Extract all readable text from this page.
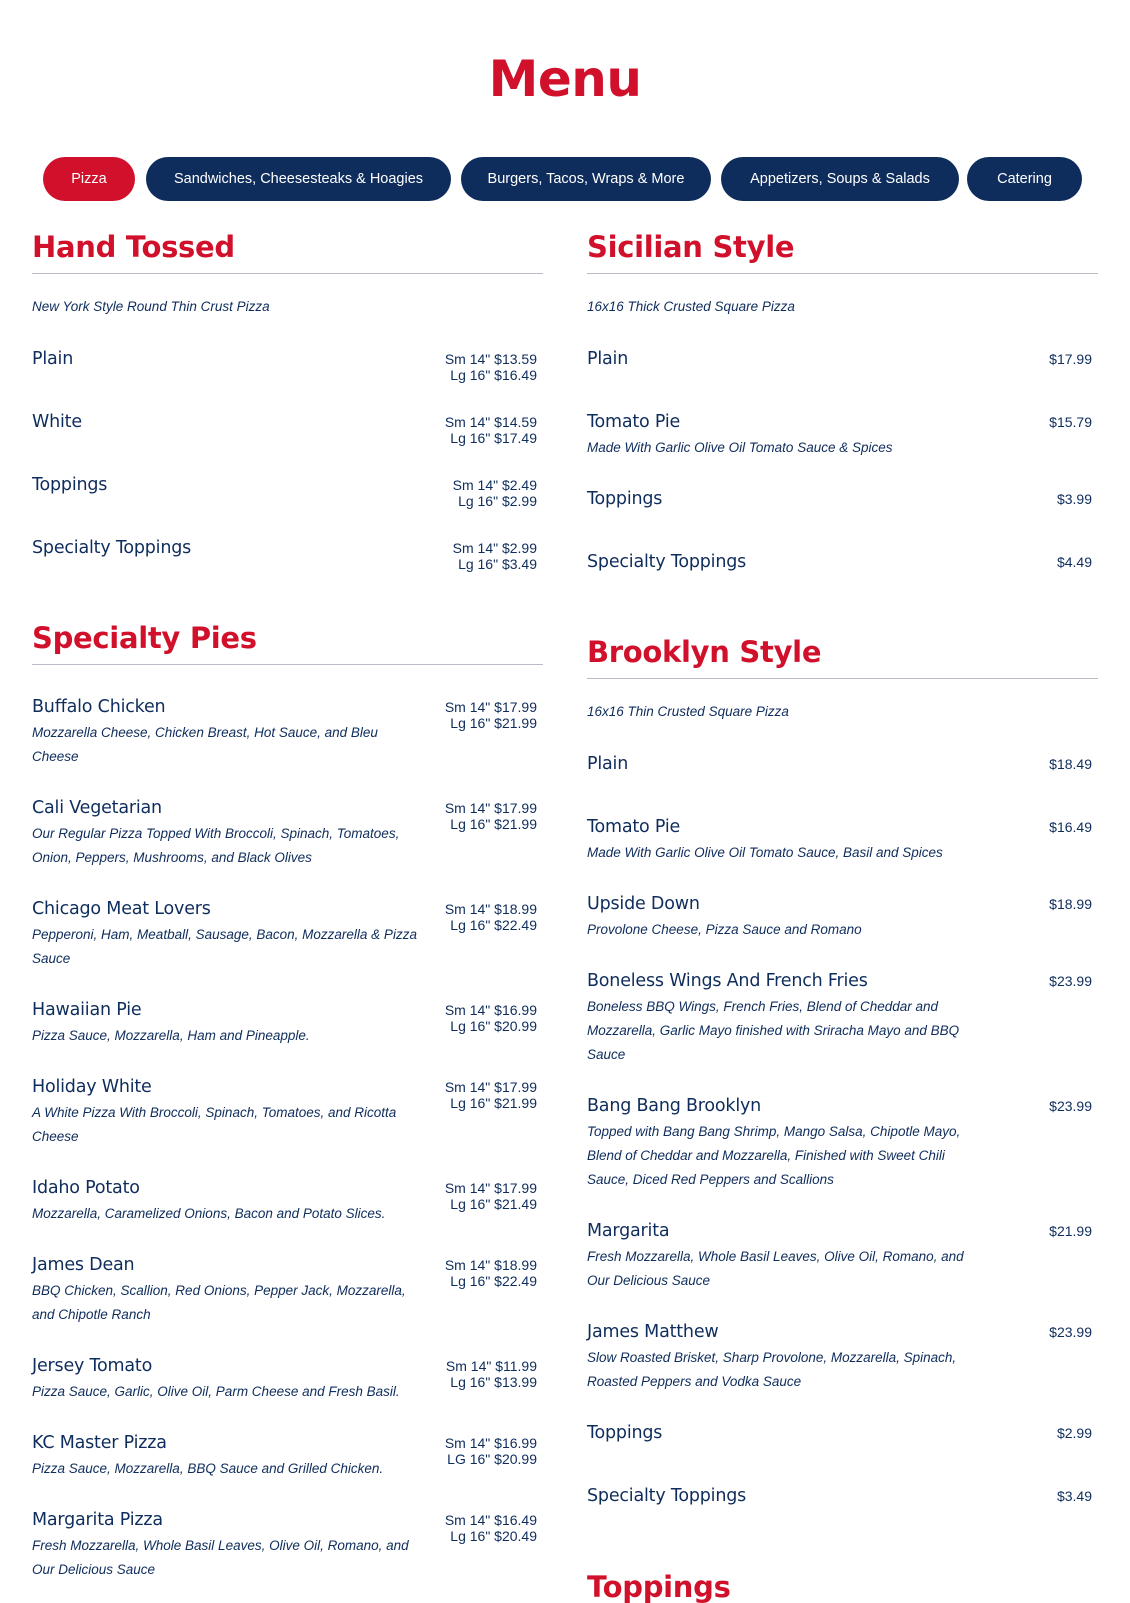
Menu
Pizza	Sandwiches, Cheesesteaks & Hoagies	Burgers, Tacos, Wraps & More	Appetizers, Soups & Salads	Catering
Hand Tossed
New York Style Round Thin Crust Pizza
Plain	Sm 14" $13.59
Lg 16" $16.49
White	Sm 14" $14.59
Lg 16" $17.49
Toppings	Sm 14" $2.49
Lg 16" $2.99
Specialty Toppings	Sm 14" $2.99
Lg 16" $3.49
Specialty Pies
Buffalo Chicken
Mozzarella Cheese, Chicken Breast, Hot Sauce, and Bleu
Cheese
Sm 14" $17.99
Lg 16" $21.99
Cali Vegetarian
Our Regular Pizza Topped With Broccoli, Spinach, Tomatoes,
Onion, Peppers, Mushrooms, and Black Olives
Sm 14" $17.99
Lg 16" $21.99
Chicago Meat Lovers
Pepperoni, Ham, Meatball, Sausage, Bacon, Mozzarella & Pizza
Sauce
Sm 14" $18.99
Lg 16" $22.49
Hawaiian Pie
Pizza Sauce, Mozzarella, Ham and Pineapple.
Sm 14" $16.99
Lg 16" $20.99
Holiday White
A White Pizza With Broccoli, Spinach, Tomatoes, and Ricotta
Cheese
Sm 14" $17.99
Lg 16" $21.99
Idaho Potato
Mozzarella, Caramelized Onions, Bacon and Potato Slices.
Sm 14" $17.99
Lg 16" $21.49
James Dean
BBQ Chicken, Scallion, Red Onions, Pepper Jack, Mozzarella,
and Chipotle Ranch
Sm 14" $18.99
Lg 16" $22.49
Jersey Tomato
Pizza Sauce, Garlic, Olive Oil, Parm Cheese and Fresh Basil.
Sm 14" $11.99
Lg 16" $13.99
KC Master Pizza
Pizza Sauce, Mozzarella, BBQ Sauce and Grilled Chicken.
Sm 14" $16.99
LG 16" $20.99
Margarita Pizza
Fresh Mozzarella, Whole Basil Leaves, Olive Oil, Romano, and
Our Delicious Sauce
Sm 14" $16.49
Lg 16" $20.49
Sicilian Style
16x16 Thick Crusted Square Pizza
Plain	$17.99
Tomato Pie
Made With Garlic Olive Oil Tomato Sauce & Spices
$15.79
Toppings	$3.99
Specialty Toppings	$4.49
Brooklyn Style
16x16 Thin Crusted Square Pizza
Plain	$18.49
Tomato Pie
Made With Garlic Olive Oil Tomato Sauce, Basil and Spices
$16.49
Upside Down
Provolone Cheese, Pizza Sauce and Romano
$18.99
Boneless Wings And French Fries
Boneless BBQ Wings, French Fries, Blend of Cheddar and
Mozzarella, Garlic Mayo finished with Sriracha Mayo and BBQ
Sauce
$23.99
Bang Bang Brooklyn
Topped with Bang Bang Shrimp, Mango Salsa, Chipotle Mayo,
Blend of Cheddar and Mozzarella, Finished with Sweet Chili
Sauce, Diced Red Peppers and Scallions
$23.99
Margarita
Fresh Mozzarella, Whole Basil Leaves, Olive Oil, Romano, and
Our Delicious Sauce
$21.99
James Matthew
Slow Roasted Brisket, Sharp Provolone, Mozzarella, Spinach,
Roasted Peppers and Vodka Sauce
$23.99
Toppings	$2.99
Specialty Toppings	$3.49
Toppings
